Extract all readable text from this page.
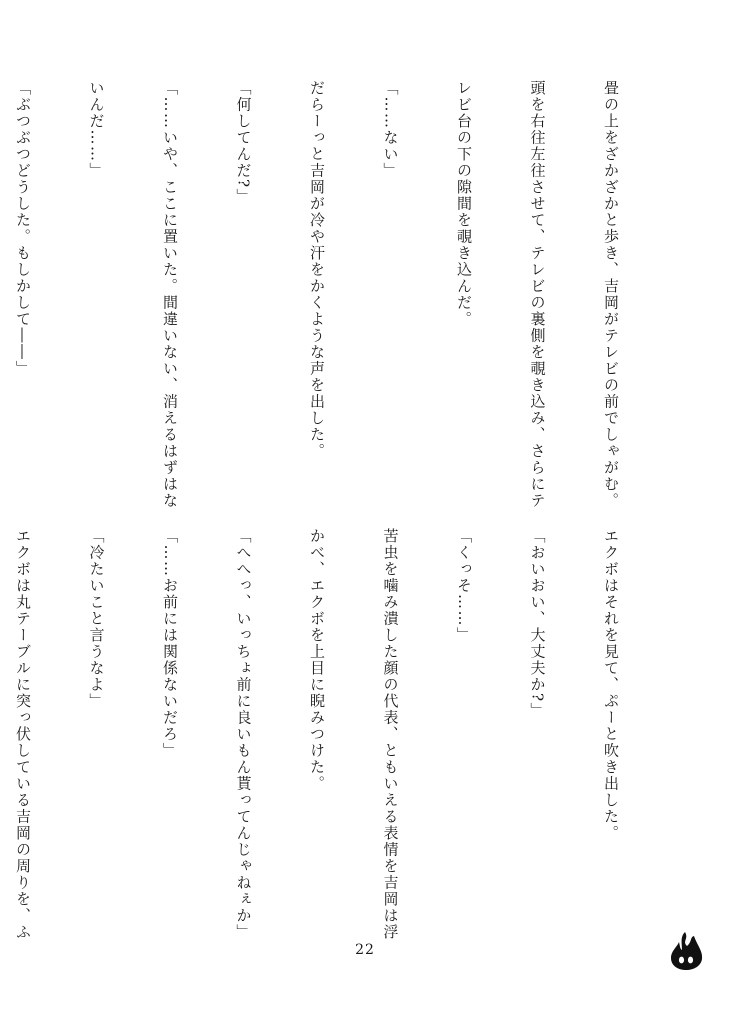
畳の上をざかざかと歩き、吉岡がテレビの前でしゃがむ。

頭を右往左往させて、テレビの裏側を覗き込み、さらにテ

レビ台の下の隙間を覗き込んだ。

「……ない」

だらーっと吉岡が冷や汗をかくような声を出した。

「何してんだ?」

「……いや、ここに置いた。間違いない、消えるはずはな

いんだ……」

「ぶつぶつどうした。もしかして――」

エクボはそれを見て、ぷーと吹き出した。

「おいおい、大丈夫か?」

「くっそ……」

苦虫を噛み潰した顔の代表、ともいえる表情を吉岡は浮

かべ、エクボを上目に睨みつけた。

「へへっ、いっちょ前に良いもん貰ってんじゃねぇか」

「……お前には関係ないだろ」

「冷たいこと言うなよ」

エクボは丸テーブルに突っ伏している吉岡の周りを、ふ

22
